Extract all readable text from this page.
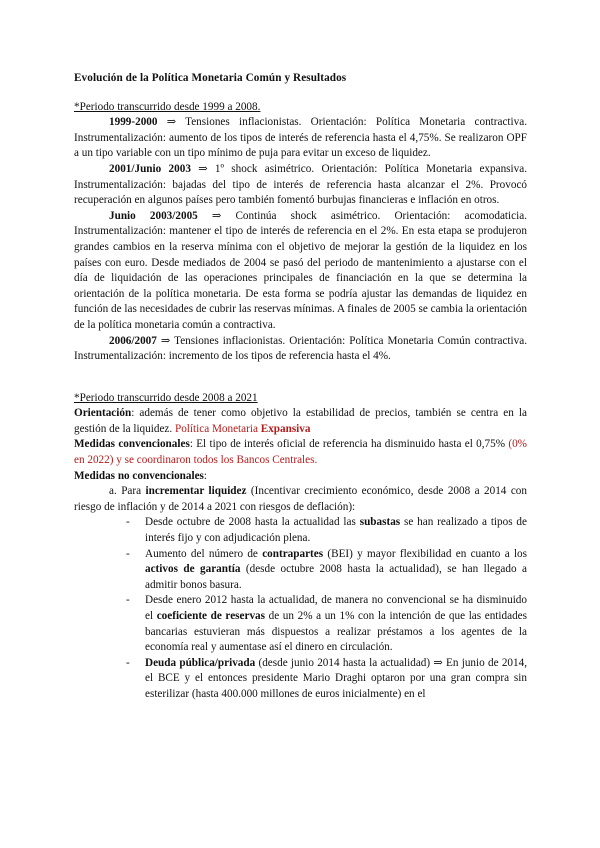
Evolución de la Política Monetaria Común y Resultados

*Periodo transcurrido desde 1999 a 2008.

1999-2000 ⇒ Tensiones inflacionistas. Orientación: Política Monetaria contractiva. Instrumentalización: aumento de los tipos de interés de referencia hasta el 4,75%. Se realizaron OPF a un tipo variable con un tipo mínimo de puja para evitar un exceso de liquidez.

2001/Junio 2003 ⇒ 1º shock asimétrico. Orientación: Política Monetaria expansiva. Instrumentalización: bajadas del tipo de interés de referencia hasta alcanzar el 2%. Provocó recuperación en algunos países pero también fomentó burbujas financieras e inflación en otros.

Junio 2003/2005 ⇒ Continúa shock asimétrico. Orientación: acomodaticia. Instrumentalización: mantener el tipo de interés de referencia en el 2%. En esta etapa se produjeron grandes cambios en la reserva mínima con el objetivo de mejorar la gestión de la liquidez en los países con euro. Desde mediados de 2004 se pasó del periodo de mantenimiento a ajustarse con el día de liquidación de las operaciones principales de financiación en la que se determina la orientación de la política monetaria. De esta forma se podría ajustar las demandas de liquidez en función de las necesidades de cubrir las reservas mínimas. A finales de 2005 se cambia la orientación de la política monetaria común a contractiva.

2006/2007 ⇒ Tensiones inflacionistas. Orientación: Política Monetaria Común contractiva. Instrumentalización: incremento de los tipos de referencia hasta el 4%.

*Periodo transcurrido desde 2008 a 2021

Orientación: además de tener como objetivo la estabilidad de precios, también se centra en la gestión de la liquidez. Política Monetaria Expansiva

Medidas convencionales: El tipo de interés oficial de referencia ha disminuido hasta el 0,75% (0% en 2022) y se coordinaron todos los Bancos Centrales.

Medidas no convencionales:

a. Para incrementar liquidez (Incentivar crecimiento económico, desde 2008 a 2014 con riesgo de inflación y de 2014 a 2021 con riesgos de deflación):

- Desde octubre de 2008 hasta la actualidad las subastas se han realizado a tipos de interés fijo y con adjudicación plena.
- Aumento del número de contrapartes (BEI) y mayor flexibilidad en cuanto a los activos de garantía (desde octubre 2008 hasta la actualidad), se han llegado a admitir bonos basura.
- Desde enero 2012 hasta la actualidad, de manera no convencional se ha disminuido el coeficiente de reservas de un 2% a un 1% con la intención de que las entidades bancarias estuvieran más dispuestos a realizar préstamos a los agentes de la economía real y aumentase así el dinero en circulación.
- Deuda pública/privada (desde junio 2014 hasta la actualidad) ⇒ En junio de 2014, el BCE y el entonces presidente Mario Draghi optaron por una gran compra sin esterilizar (hasta 400.000 millones de euros inicialmente) en el
